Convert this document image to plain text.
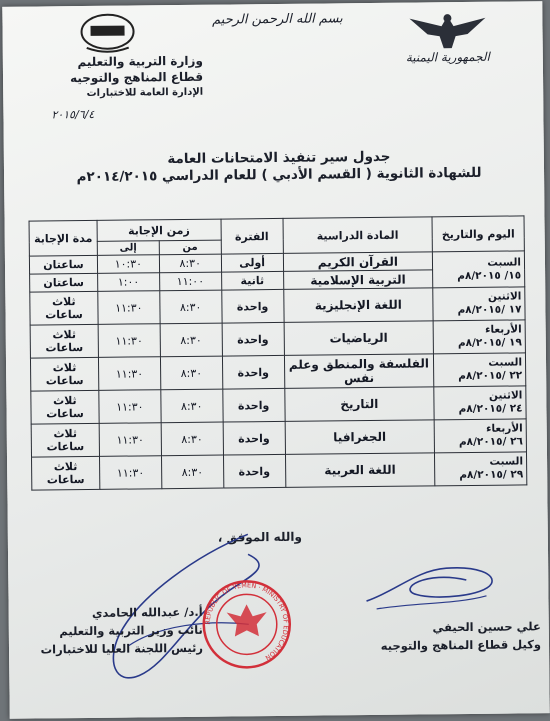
بسم الله الرحمن الرحيم
الجمهورية اليمنية
وزارة التربية والتعليم
قطاع المناهج والتوجيه
الإدارة العامة للاختبارات
٢٠١٥/٦/٤
جدول سير تنفيذ الامتحانات العامة
للشهادة الثانوية ( القسم الأدبي ) للعام الدراسي ٢٠١٤/٢٠١٥م
اليوم والتاريخ	المادة الدراسية	الفترة	زمن الإجابة		مدة الإجابة
			من	إلى	

السبت
١٥/ ٨/٢٠١٥م	القرآن الكريم	أولى	٨:٣٠	١٠:٣٠	ساعتان
	التربية الإسلامية	ثانية	١١:٠٠	١:٠٠	ساعتان

الاثنين
١٧ /٨/٢٠١٥م	اللغة الإنجليزية	واحدة	٨:٣٠	١١:٣٠	ثلاث ساعات

الأربعاء
١٩ /٨/٢٠١٥م	الرياضيات	واحدة	٨:٣٠	١١:٣٠	ثلاث ساعات

السبت
٢٢ /٨/٢٠١٥م	الفلسفة والمنطق وعلم نفس	واحدة	٨:٣٠	١١:٣٠	ثلاث ساعات

الاثنين
٢٤ /٨/٢٠١٥م	التاريخ	واحدة	٨:٣٠	١١:٣٠	ثلاث ساعات

الأربعاء
٢٦ /٨/٢٠١٥م	الجغرافيا	واحدة	٨:٣٠	١١:٣٠	ثلاث ساعات

السبت
٢٩ /٨/٢٠١٥م	اللغة العربية	واحدة	٨:٣٠	١١:٣٠	ثلاث ساعات
والله الموفق ،
REPUBLIC OF YEMEN · MINISTRY OF EDUCATION
علي حسين الحيفي
وكيل قطاع المناهج والتوجيه
أ.د/ عبدالله الحامدي
نائب وزير التربية والتعليم
رئيس اللجنة العليا للاختبارات
